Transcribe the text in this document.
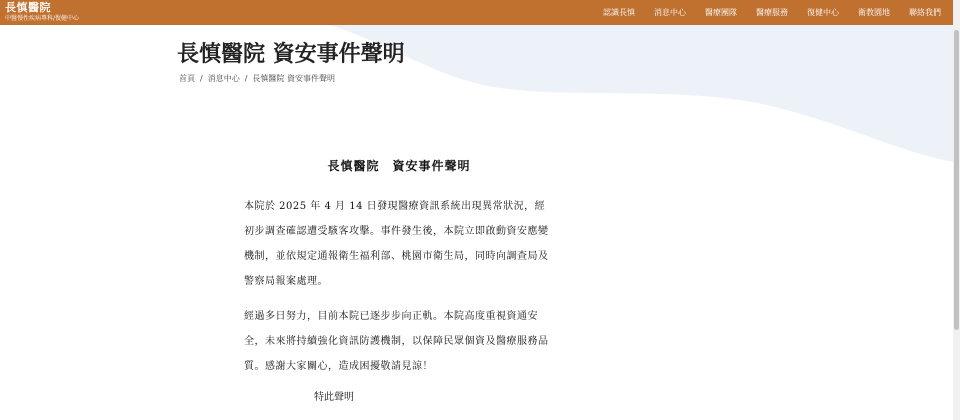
長慎醫院
中醫慢性疾病專科/復健中心
認識長慎 消息中心 醫療團隊 醫療服務 復健中心 衛教園地 聯絡我們
長慎醫院 資安事件聲明
首頁 / 消息中心 / 長慎醫院 資安事件聲明
長慎醫院　資安事件聲明

本院於 2025 年 4 月 14 日發現醫療資訊系統出現異常狀況，經初步調查確認遭受駭客攻擊。事件發生後，本院立即啟動資安應變機制，並依規定通報衛生福利部、桃園市衛生局，同時向調查局及警察局報案處理。

經過多日努力，目前本院已逐步步向正軌。本院高度重視資通安全，未來將持續強化資訊防護機制，以保障民眾個資及醫療服務品質。感謝大家關心，造成困擾敬請見諒！

特此聲明
